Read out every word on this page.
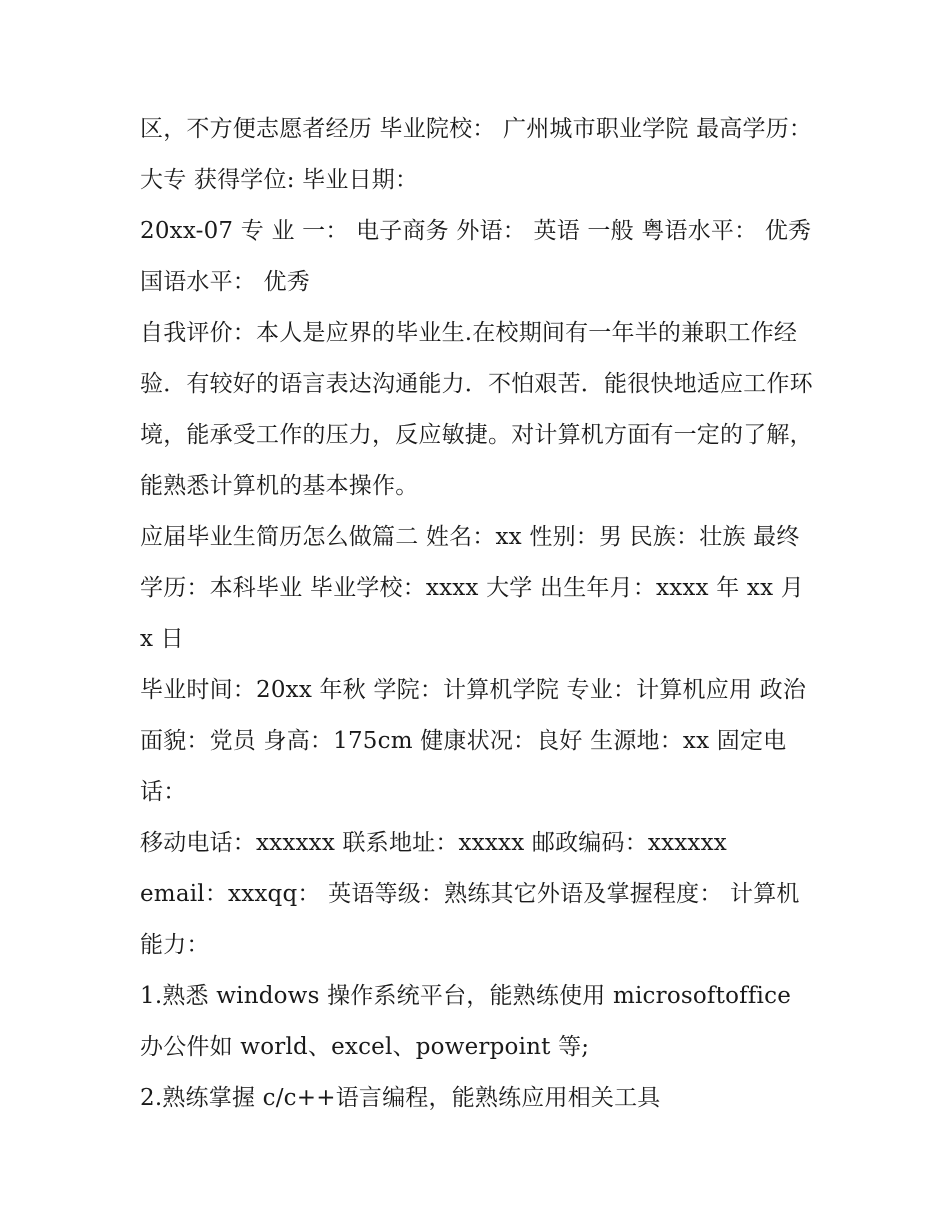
区，不方便志愿者经历 毕业院校： 广州城市职业学院 最高学历： 大专 获得学位: 毕业日期：

20xx-07 专 业 一： 电子商务 外语： 英语 一般 粤语水平： 优秀 国语水平： 优秀

自我评价：本人是应界的毕业生.在校期间有一年半的兼职工作经验．有较好的语言表达沟通能力．不怕艰苦．能很快地适应工作环境，能承受工作的压力，反应敏捷。对计算机方面有一定的了解，能熟悉计算机的基本操作。

应届毕业生简历怎么做篇二 姓名：xx 性别：男 民族：壮族 最终学历：本科毕业 毕业学校：xxxx 大学 出生年月：xxxx 年 xx 月 x 日

毕业时间：20xx 年秋 学院：计算机学院 专业：计算机应用 政治面貌：党员 身高：175cm 健康状况：良好 生源地：xx 固定电话：

移动电话：xxxxxx 联系地址：xxxxx 邮政编码：xxxxxx

email：xxxqq： 英语等级：熟练其它外语及掌握程度： 计算机能力：

1.熟悉 windows 操作系统平台，能熟练使用 microsoftoffice 办公件如 world、excel、powerpoint 等;

2.熟练掌握 c/c++语言编程，能熟练应用相关工具
